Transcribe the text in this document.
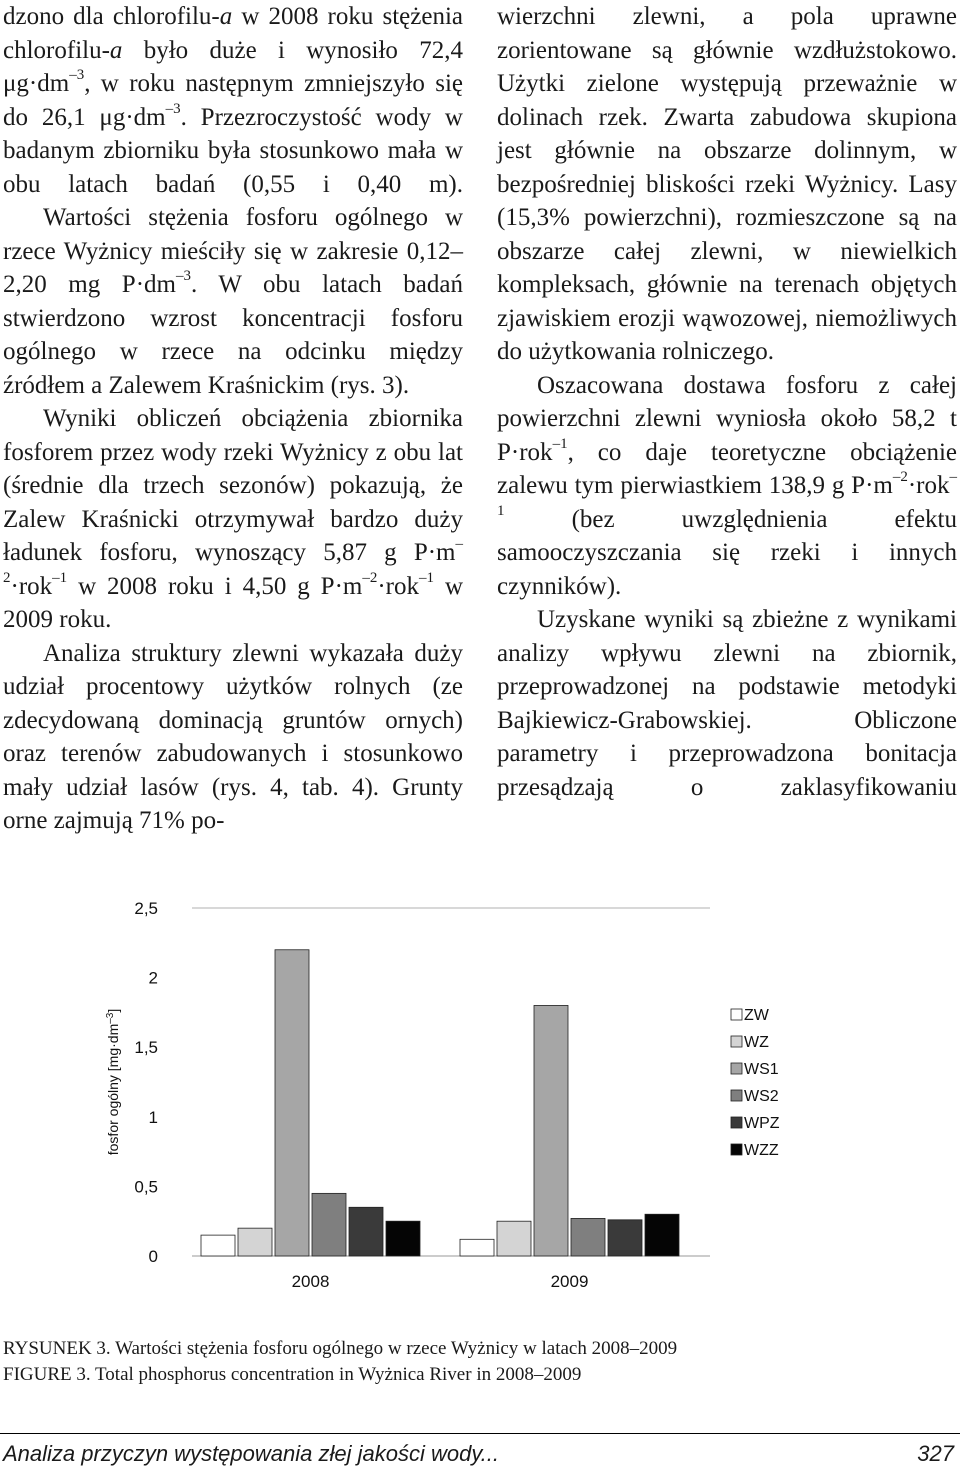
dzono dla chlorofilu-a w 2008 roku stężenia chlorofilu-a było duże i wynosiło 72,4 $\mu g\cdot dm^{-3}$, w roku następnym zmniejszyło się do 26,1 $\mu g\cdot dm^{-3}$. Przezroczystość wody w badanym zbiorniku była stosunkowo mała w obu latach badań (0,55 i 0,40 m).

Wartości stężenia fosforu ogólnego w rzece Wyżnicy mieściły się w zakresie 0,12–2,20 mg $P\cdot dm^{-3}$. W obu latach badań stwierdzono wzrost koncentracji fosforu ogólnego w rzece na odcinku między źródłem a Zalewem Kraśnickim (rys. 3).

Wyniki obliczeń obciążenia zbiornika fosforem przez wody rzeki Wyżnicy z obu lat (średnie dla trzech sezonów) pokazują, że Zalew Kraśnicki otrzymywał bardzo duży ładunek fosforu, wynoszący 5,87 g $P\cdot m^{-2}\cdot rok^{-1}$ w 2008 roku i 4,50 g $P\cdot m^{-2}\cdot rok^{-1}$ w 2009 roku.

Analiza struktury zlewni wykazała duży udział procentowy użytków rolnych (ze zdecydowaną dominacją gruntów ornych) oraz terenów zabudowanych i stosunkowo mały udział lasów (rys. 4, tab. 4). Grunty orne zajmują 71% po-

wierzchni zlewni, a pola uprawne zorientowane są głównie wzdłużstokowo. Użytki zielone występują przeważnie w dolinach rzek. Zwarta zabudowa skupiona jest głównie na obszarze dolinnym, w bezpośredniej bliskości rzeki Wyżnicy. Lasy (15,3% powierzchni), rozmieszczone są na obszarze całej zlewni, w niewielkich kompleksach, głównie na terenach objętych zjawiskiem erozji wąwozowej, niemożliwych do użytkowania rolniczego.

Oszacowana dostawa fosforu z całej powierzchni zlewni wyniosła około 58,2 t P·rok$^{-1}$, co daje teoretyczne obciążenie zalewu tym pierwiastkiem 138,9 g $P\cdot m^{-2}\cdot rok^{-1}$ (bez uwzględnienia efektu samooczyszczania się rzeki i innych czynników).

Uzyskane wyniki są zbieżne z wynikami analizy wpływu zlewni na zbiornik, przeprowadzonej na podstawie metodyki Bajkiewicz-Grabowskiej. Obliczone parametry i przeprowadzona bonitacja przesądzają o zaklasyfikowaniu

0
0,5
1
1,5
2
2,5
fosfor ogólny $[mg\cdot dm^{-3}]$
2008	2009
ZW
WZ
WS1
WS2
WPZ
WZZ
RYSUNEK 3. Wartości stężenia fosforu ogólnego w rzece Wyżnicy w latach 2008–2009
FIGURE 3. Total phosphorus concentration in Wyżnica River in 2008–2009
Analiza przyczyn występowania złej jakości wody...	327
